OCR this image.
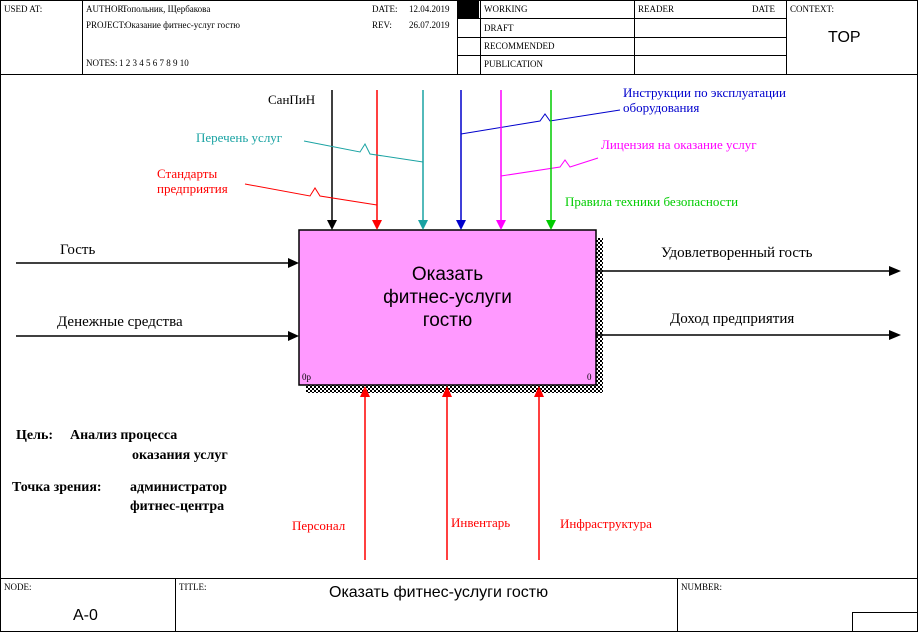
USED AT:	AUTHOR:
Топольник, Щербакова
PROJECT:
Оказание фитнес-услуг гостю
DATE: 12.04.2019
REV: 26.07.2019
NOTES: 1 2 3 4 5 6 7 8 9 10
WORKING
DRAFT
RECOMMENDED
PUBLICATION
READER	DATE CONTEXT:
TOP
Оказать
фитнес-услуги
гостю
0р	0
СанПиН
Стандарты
предприятия
Перечень услуг
Инструкции по эксплуатации
оборудования
Лицензия на оказание услуг
Правила техники безопасности
Гость
Денежные средства
Удовлетворенный гость
Доход предприятия
Персонал	Инвентарь	Инфраструктура
Цель: Анализ процесса
оказания услуг
Точка зрения: администратор
фитнес-центра
NODE:
А-0
TITLE:	Оказать фитнес-услуги гостю	NUMBER:
